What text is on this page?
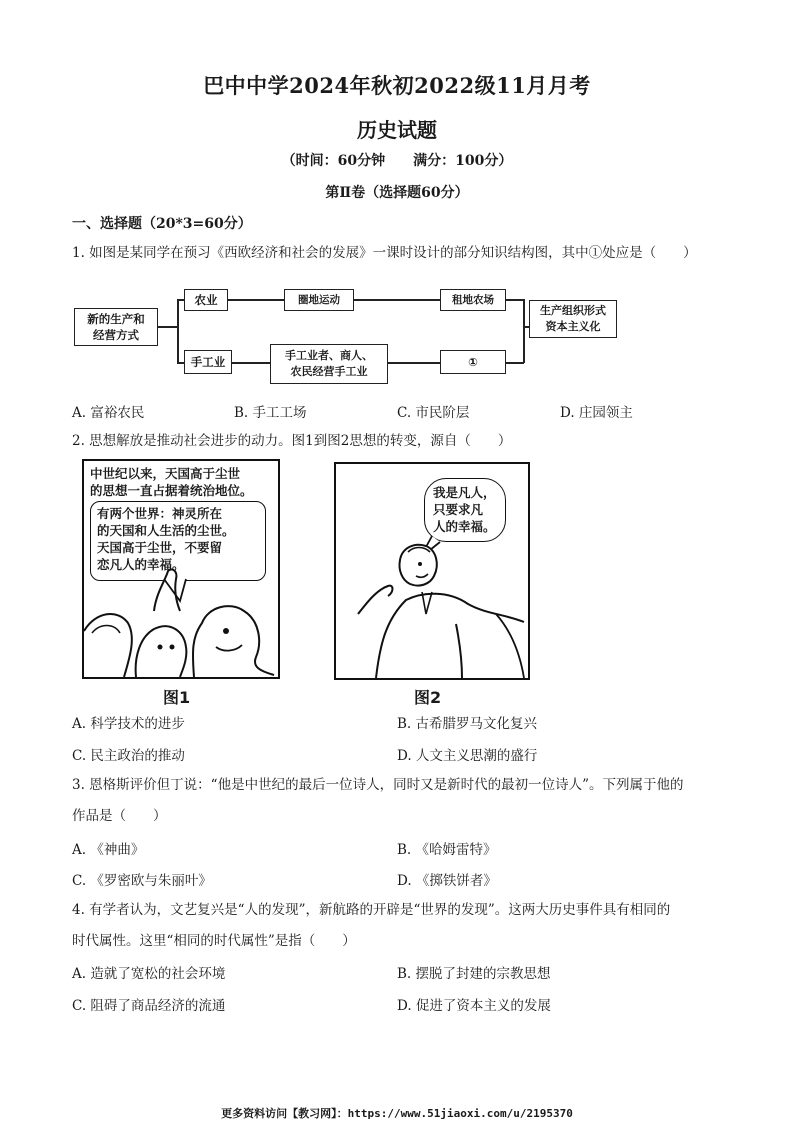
巴中中学2024年秋初2022级11月月考
历史试题
（时间：60分钟　　满分：100分）
第Ⅱ卷（选择题60分）
一、选择题（20*3=60分）
1. 如图是某同学在预习《西欧经济和社会的发展》一课时设计的部分知识结构图，其中①处应是（　　）
新的生产和
经营方式
农业	圈地运动	租地农场
手工业	手工业者、商人、
农民经营手工业
①
生产组织形式
资本主义化
A. 富裕农民	B. 手工工场	C. 市民阶层	D. 庄园领主
2. 思想解放是推动社会进步的动力。图1到图2思想的转变，源自（　　）
中世纪以来，天国高于尘世
的思想一直占据着统治地位。
有两个世界：神灵所在
的天国和人生活的尘世。
天国高于尘世，不要留
恋凡人的幸福。
图1
我是凡人，
只要求凡
人的幸福。
图2
A. 科学技术的进步	B. 古希腊罗马文化复兴
C. 民主政治的推动	D. 人文主义思潮的盛行
3. 恩格斯评价但丁说：“他是中世纪的最后一位诗人，同时又是新时代的最初一位诗人”。下列属于他的
作品是（　　）
A. 《神曲》	B. 《哈姆雷特》
C. 《罗密欧与朱丽叶》	D. 《掷铁饼者》
4. 有学者认为，文艺复兴是“人的发现”，新航路的开辟是“世界的发现”。这两大历史事件具有相同的
时代属性。这里“相同的时代属性”是指（　　）
A. 造就了宽松的社会环境	B. 摆脱了封建的宗教思想
C. 阻碍了商品经济的流通	D. 促进了资本主义的发展
更多资料访问【教习网】：https://www.51jiaoxi.com/u/2195370
